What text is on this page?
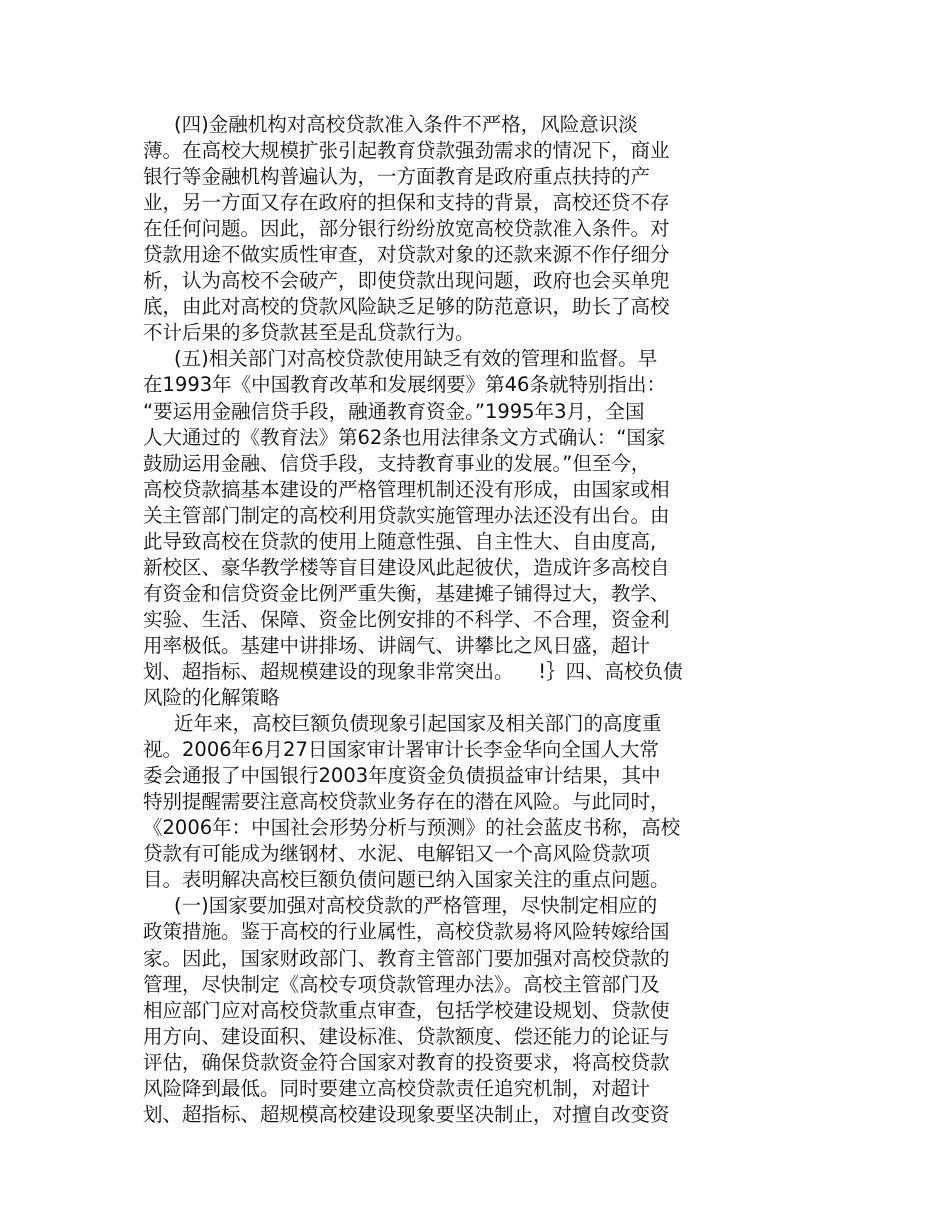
(四)金融机构对高校贷款准入条件不严格，风险意识淡
薄。在高校大规模扩张引起教育贷款强劲需求的情况下，商业
银行等金融机构普遍认为，一方面教育是政府重点扶持的产
业，另一方面又存在政府的担保和支持的背景，高校还贷不存
在任何问题。因此，部分银行纷纷放宽高校贷款准入条件。对
贷款用途不做实质性审查，对贷款对象的还款来源不作仔细分
析，认为高校不会破产，即使贷款出现问题，政府也会买单兜
底，由此对高校的贷款风险缺乏足够的防范意识，助长了高校
不计后果的多贷款甚至是乱贷款行为。
(五)相关部门对高校贷款使用缺乏有效的管理和监督。早
在1993年《中国教育改革和发展纲要》第46条就特别指出：
“要运用金融信贷手段，融通教育资金。”1995年3月，全国
人大通过的《教育法》第62条也用法律条文方式确认：“国家
鼓励运用金融、信贷手段，支持教育事业的发展。”但至今，
高校贷款搞基本建设的严格管理机制还没有形成，由国家或相
关主管部门制定的高校利用贷款实施管理办法还没有出台。由
此导致高校在贷款的使用上随意性强、自主性大、自由度高,
新校区、豪华教学楼等盲目建设风此起彼伏，造成许多高校自
有资金和信贷资金比例严重失衡，基建摊子铺得过大，教学、
实验、生活、保障、资金比例安排的不科学、不合理，资金利
用率极低。基建中讲排场、讲阔气、讲攀比之风日盛，超计
划、超指标、超规模建设的现象非常突出。    !｝四、高校负债
风险的化解策略
近年来，高校巨额负债现象引起国家及相关部门的高度重
视。2006年6月27日国家审计署审计长李金华向全国人大常
委会通报了中国银行2003年度资金负债损益审计结果，其中
特别提醒需要注意高校贷款业务存在的潜在风险。与此同时，
《2006年：中国社会形势分析与预测》的社会蓝皮书称，高校
贷款有可能成为继钢材、水泥、电解铝又一个高风险贷款项
目。表明解决高校巨额负债问题已纳入国家关注的重点问题。
(一)国家要加强对高校贷款的严格管理，尽快制定相应的
政策措施。鉴于高校的行业属性，高校贷款易将风险转嫁给国
家。因此，国家财政部门、教育主管部门要加强对高校贷款的
管理，尽快制定《高校专项贷款管理办法》。高校主管部门及
相应部门应对高校贷款重点审查，包括学校建设规划、贷款使
用方向、建设面积、建设标准、贷款额度、偿还能力的论证与
评估，确保贷款资金符合国家对教育的投资要求，将高校贷款
风险降到最低。同时要建立高校贷款责任追究机制，对超计
划、超指标、超规模高校建设现象要坚决制止，对擅自改变资
